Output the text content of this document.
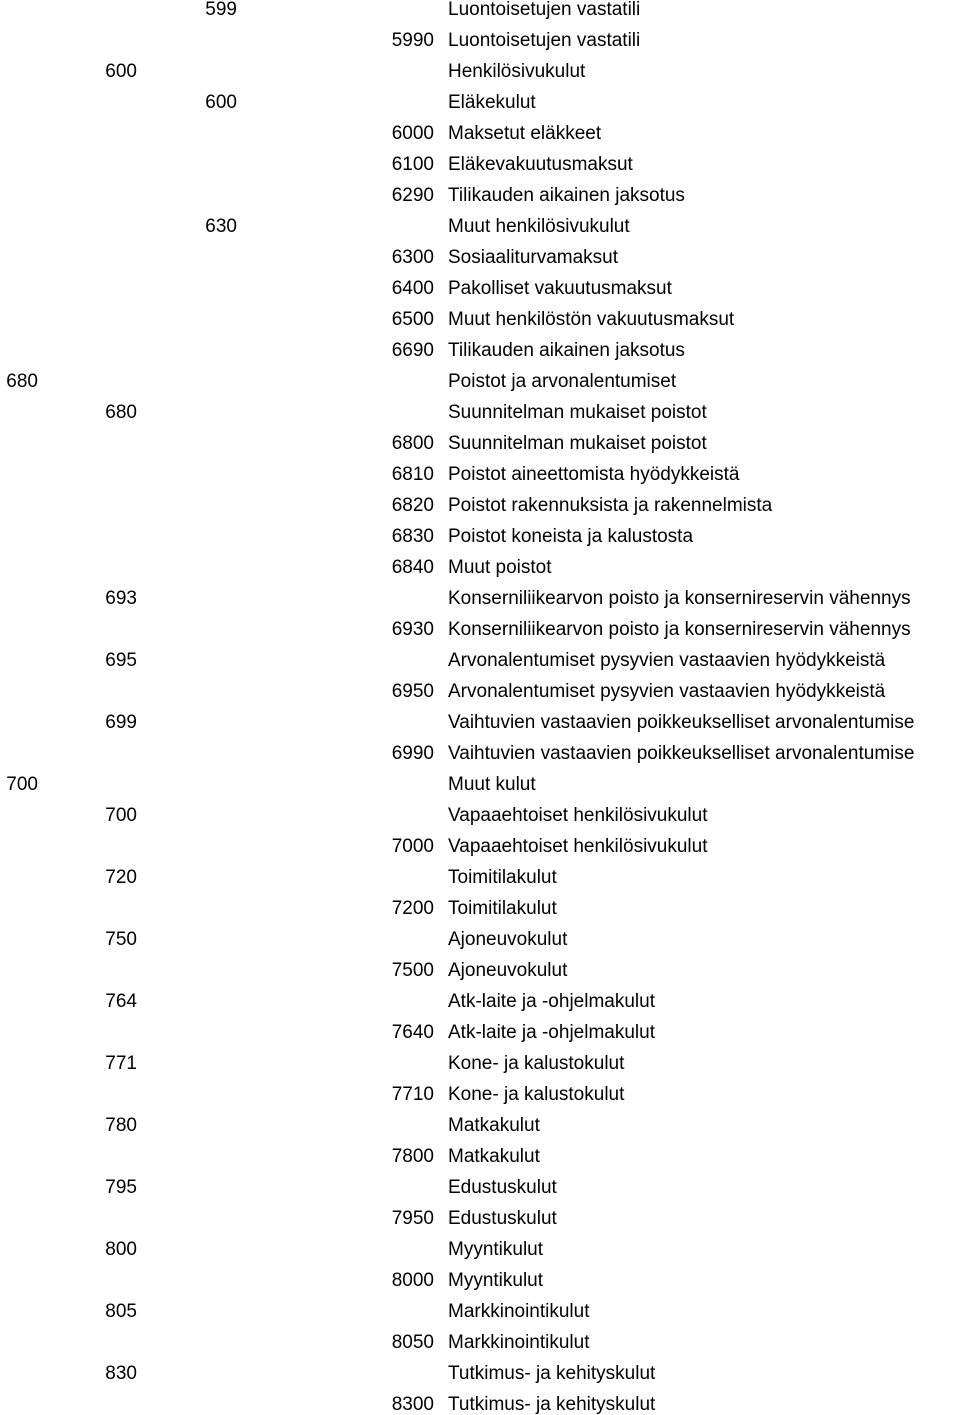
599	Luontoisetujen vastatili
5990 Luontoisetujen vastatili
600	Henkilösivukulut
600	Eläkekulut
6000 Maksetut eläkkeet
6100 Eläkevakuutusmaksut
6290 Tilikauden aikainen jaksotus
630	Muut henkilösivukulut
6300 Sosiaaliturvamaksut
6400 Pakolliset vakuutusmaksut
6500 Muut henkilöstön vakuutusmaksut
6690 Tilikauden aikainen jaksotus
680	Poistot ja arvonalentumiset
680	Suunnitelman mukaiset poistot
6800 Suunnitelman mukaiset poistot
6810 Poistot aineettomista hyödykkeistä
6820 Poistot rakennuksista ja rakennelmista
6830 Poistot koneista ja kalustosta
6840 Muut poistot
693	Konserniliikearvon poisto ja konsernireservin vähennys
6930 Konserniliikearvon poisto ja konsernireservin vähennys
695	Arvonalentumiset pysyvien vastaavien hyödykkeistä
6950 Arvonalentumiset pysyvien vastaavien hyödykkeistä
699	Vaihtuvien vastaavien poikkeukselliset arvonalentumise
6990 Vaihtuvien vastaavien poikkeukselliset arvonalentumise
700	Muut kulut
700	Vapaaehtoiset henkilösivukulut
7000 Vapaaehtoiset henkilösivukulut
720	Toimitilakulut
7200 Toimitilakulut
750	Ajoneuvokulut
7500 Ajoneuvokulut
764	Atk-laite ja -ohjelmakulut
7640 Atk-laite ja -ohjelmakulut
771	Kone- ja kalustokulut
7710 Kone- ja kalustokulut
780	Matkakulut
7800 Matkakulut
795	Edustuskulut
7950 Edustuskulut
800	Myyntikulut
8000 Myyntikulut
805	Markkinointikulut
8050 Markkinointikulut
830	Tutkimus- ja kehityskulut
8300 Tutkimus- ja kehityskulut
